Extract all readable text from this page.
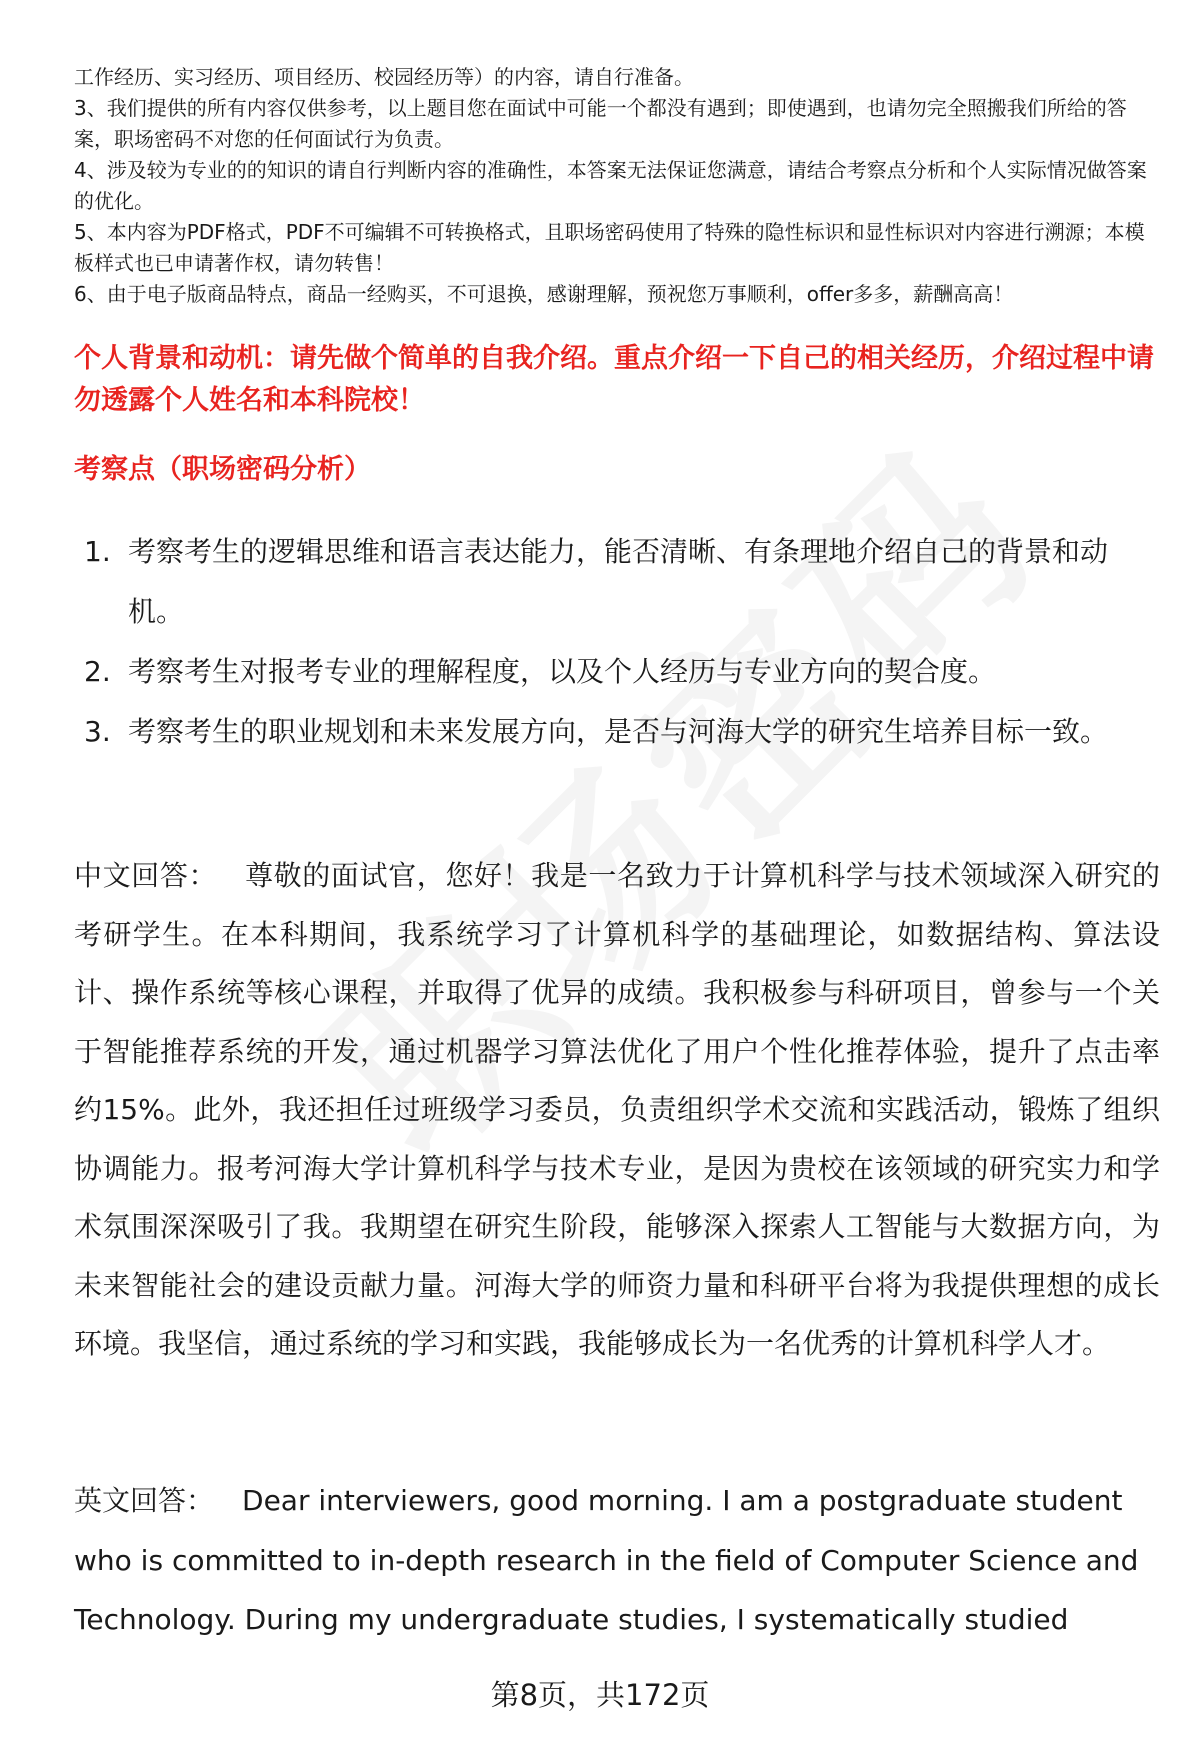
工作经历、实习经历、项目经历、校园经历等）的内容，请自行准备。

3、我们提供的所有内容仅供参考，以上题目您在面试中可能一个都没有遇到；即使遇到，也请勿完全照搬我们所给的答案，职场密码不对您的任何面试行为负责。

4、涉及较为专业的的知识的请自行判断内容的准确性，本答案无法保证您满意，请结合考察点分析和个人实际情况做答案的优化。

5、本内容为PDF格式，PDF不可编辑不可转换格式，且职场密码使用了特殊的隐性标识和显性标识对内容进行溯源；本模板样式也已申请著作权，请勿转售！

6、由于电子版商品特点，商品一经购买，不可退换，感谢理解，预祝您万事顺利，offer多多，薪酬高高！

个人背景和动机：请先做个简单的自我介绍。重点介绍一下自己的相关经历，介绍过程中请勿透露个人姓名和本科院校！
考察点（职场密码分析）
1. 考察考生的逻辑思维和语言表达能力，能否清晰、有条理地介绍自己的背景和动机。
2. 考察考生对报考专业的理解程度，以及个人经历与专业方向的契合度。
3. 考察考生的职业规划和未来发展方向，是否与河海大学的研究生培养目标一致。
中文回答： 尊敬的面试官，您好！我是一名致力于计算机科学与技术领域深入研究的考研学生。在本科期间，我系统学习了计算机科学的基础理论，如数据结构、算法设计、操作系统等核心课程，并取得了优异的成绩。我积极参与科研项目，曾参与一个关于智能推荐系统的开发，通过机器学习算法优化了用户个性化推荐体验，提升了点击率约15%。此外，我还担任过班级学习委员，负责组织学术交流和实践活动，锻炼了组织协调能力。报考河海大学计算机科学与技术专业，是因为贵校在该领域的研究实力和学术氛围深深吸引了我。我期望在研究生阶段，能够深入探索人工智能与大数据方向，为未来智能社会的建设贡献力量。河海大学的师资力量和科研平台将为我提供理想的成长环境。我坚信，通过系统的学习和实践，我能够成长为一名优秀的计算机科学人才。
英文回答： Dear interviewers, good morning. I am a postgraduate student who is committed to in-depth research in the field of Computer Science and Technology. During my undergraduate studies, I systematically studied
第8页，共172页
